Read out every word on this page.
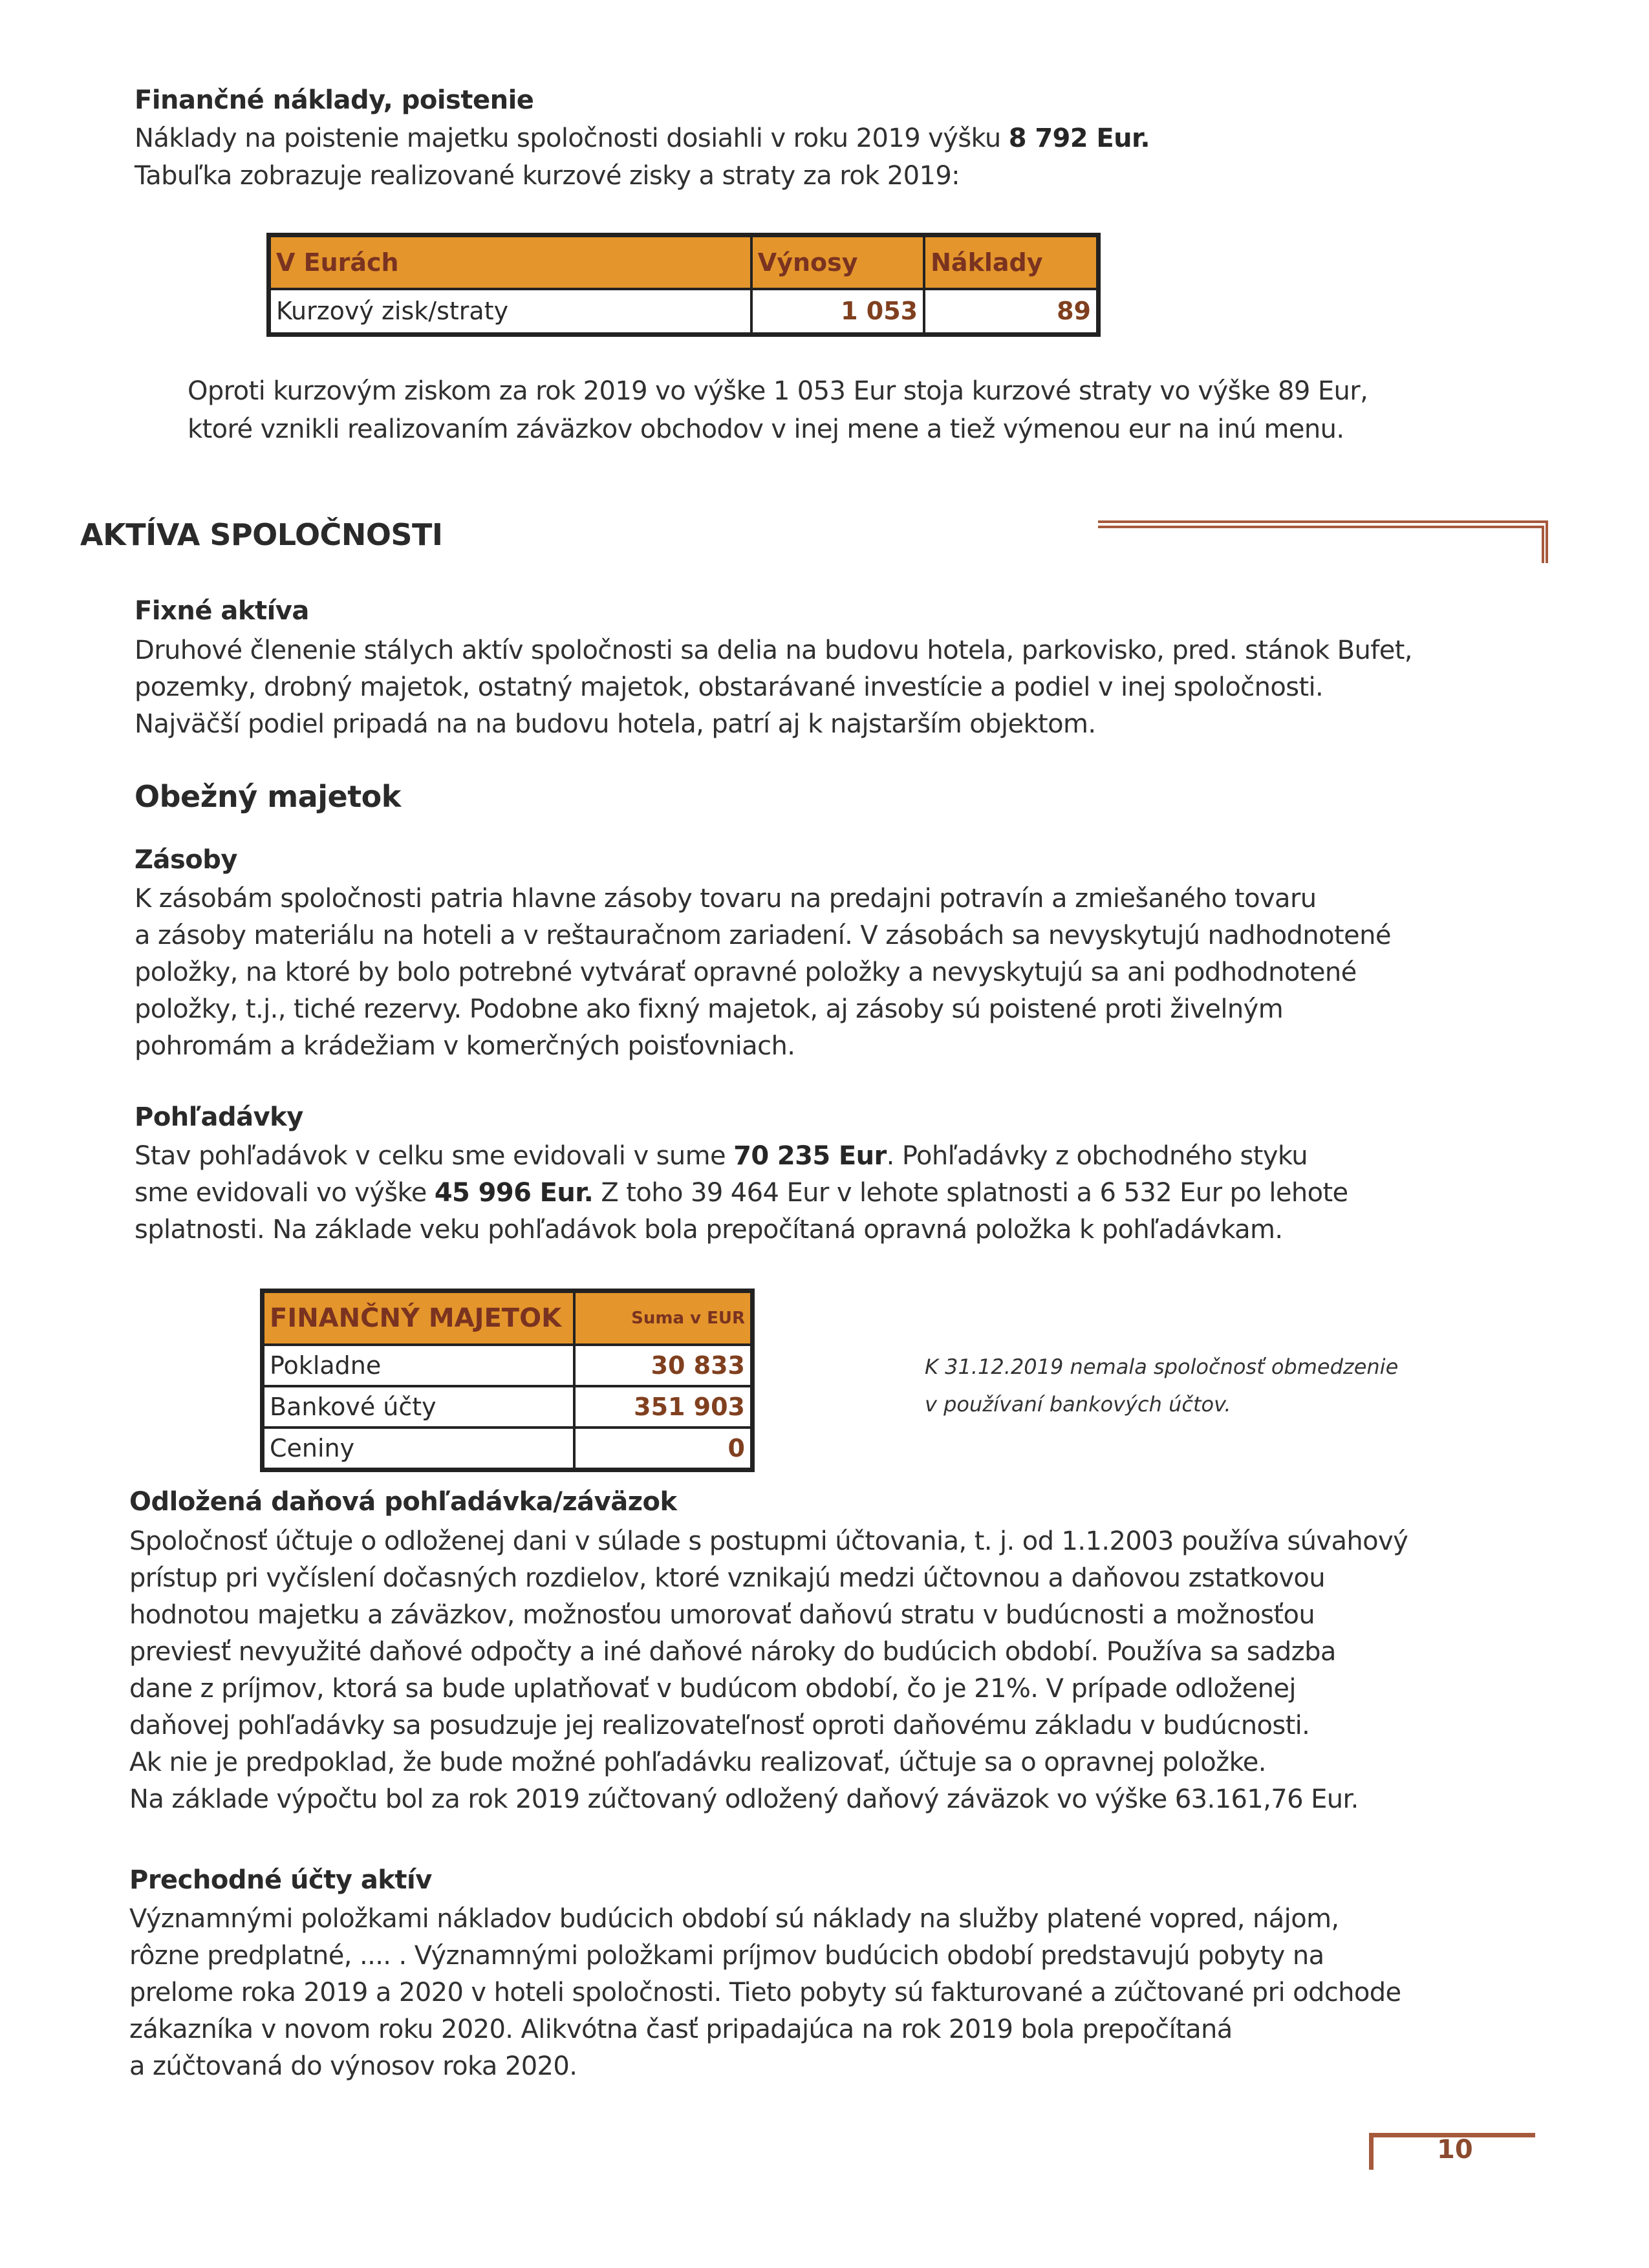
Finančné náklady, poistenie
Náklady na poistenie majetku spoločnosti dosiahli v roku 2019 výšku 8 792 Eur.
Tabuľka zobrazuje realizované kurzové zisky a straty za rok 2019:
V Eurách	Výnosy	Náklady
Kurzový zisk/straty	1 053	89
Oproti kurzovým ziskom za rok 2019 vo výške 1 053 Eur stoja kurzové straty vo výške 89 Eur,
ktoré vznikli realizovaním záväzkov obchodov v inej mene a tiež výmenou eur na inú menu.
AKTÍVA SPOLOČNOSTI
Fixné aktíva
Druhové členenie stálych aktív spoločnosti sa delia na budovu hotela, parkovisko, pred. stánok Bufet,
pozemky, drobný majetok, ostatný majetok, obstarávané investície a podiel v inej spoločnosti.
Najväčší podiel pripadá na na budovu hotela, patrí aj k najstarším objektom.
Obežný majetok
Zásoby
K zásobám spoločnosti patria hlavne zásoby tovaru na predajni potravín a zmiešaného tovaru
a zásoby materiálu na hoteli a v reštauračnom zariadení. V zásobách sa nevyskytujú nadhodnotené
položky, na ktoré by bolo potrebné vytvárať opravné položky a nevyskytujú sa ani podhodnotené
položky, t.j., tiché rezervy. Podobne ako fixný majetok, aj zásoby sú poistené proti živelným
pohromám a krádežiam v komerčných poisťovniach.
Pohľadávky
Stav pohľadávok v celku sme evidovali v sume 70 235 Eur. Pohľadávky z obchodného styku
sme evidovali vo výške 45 996 Eur. Z toho 39 464 Eur v lehote splatnosti a 6 532 Eur po lehote
splatnosti. Na základe veku pohľadávok bola prepočítaná opravná položka k pohľadávkam.
FINANČNÝ MAJETOK	Suma v EUR
Pokladne	30 833
Bankové účty	351 903
Ceniny	0
K 31.12.2019 nemala spoločnosť obmedzenie
v používaní bankových účtov.
Odložená daňová pohľadávka/záväzok
Spoločnosť účtuje o odloženej dani v súlade s postupmi účtovania, t. j. od 1.1.2003 používa súvahový
prístup pri vyčíslení dočasných rozdielov, ktoré vznikajú medzi účtovnou a daňovou zstatkovou
hodnotou majetku a záväzkov, možnosťou umorovať daňovú stratu v budúcnosti a možnosťou
previesť nevyužité daňové odpočty a iné daňové nároky do budúcich období. Používa sa sadzba
dane z príjmov, ktorá sa bude uplatňovať v budúcom období, čo je 21%. V prípade odloženej
daňovej pohľadávky sa posudzuje jej realizovateľnosť oproti daňovému základu v budúcnosti.
Ak nie je predpoklad, že bude možné pohľadávku realizovať, účtuje sa o opravnej položke.
Na základe výpočtu bol za rok 2019 zúčtovaný odložený daňový záväzok vo výške 63.161,76 Eur.
Prechodné účty aktív
Významnými položkami nákladov budúcich období sú náklady na služby platené vopred, nájom,
rôzne predplatné, .... . Významnými položkami príjmov budúcich období predstavujú pobyty na
prelome roka 2019 a 2020 v hoteli spoločnosti. Tieto pobyty sú fakturované a zúčtované pri odchode
zákazníka v novom roku 2020. Alikvótna časť pripadajúca na rok 2019 bola prepočítaná
a zúčtovaná do výnosov roka 2020.
10
